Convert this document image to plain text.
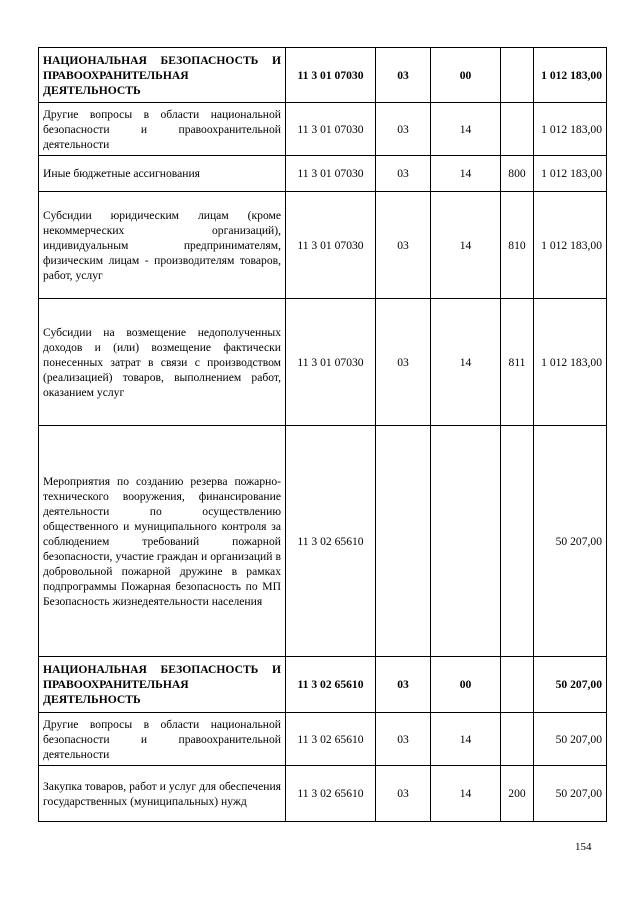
НАЦИОНАЛЬНАЯ БЕЗОПАСНОСТЬ И ПРАВООХРАНИТЕЛЬНАЯ ДЕЯТЕЛЬНОСТЬ	11 3 01 07030	03	00		1 012 183,00
Другие вопросы в области национальной безопасности и правоохранительной деятельности	11 3 01 07030	03	14		1 012 183,00
Иные бюджетные ассигнования	11 3 01 07030	03	14	800	1 012 183,00
Субсидии юридическим лицам (кроме некоммерческих организаций), индивидуальным предпринимателям, физическим лицам - производителям товаров, работ, услуг	11 3 01 07030	03	14	810	1 012 183,00
Субсидии на возмещение недополученных доходов и (или) возмещение фактически понесенных затрат в связи с производством (реализацией) товаров, выполнением работ, оказанием услуг	11 3 01 07030	03	14	811	1 012 183,00
Мероприятия по созданию резерва пожарно-технического вооружения, финансирование деятельности по осуществлению общественного и муниципального контроля за соблюдением требований пожарной безопасности, участие граждан и организаций в добровольной пожарной дружине в рамках подпрограммы Пожарная безопасность по МП Безопасность жизнедеятельности населения	11 3 02 65610				50 207,00
НАЦИОНАЛЬНАЯ БЕЗОПАСНОСТЬ И ПРАВООХРАНИТЕЛЬНАЯ ДЕЯТЕЛЬНОСТЬ	11 3 02 65610	03	00		50 207,00
Другие вопросы в области национальной безопасности и правоохранительной деятельности	11 3 02 65610	03	14		50 207,00
Закупка товаров, работ и услуг для обеспечения государственных (муниципальных) нужд	11 3 02 65610	03	14	200	50 207,00
154
